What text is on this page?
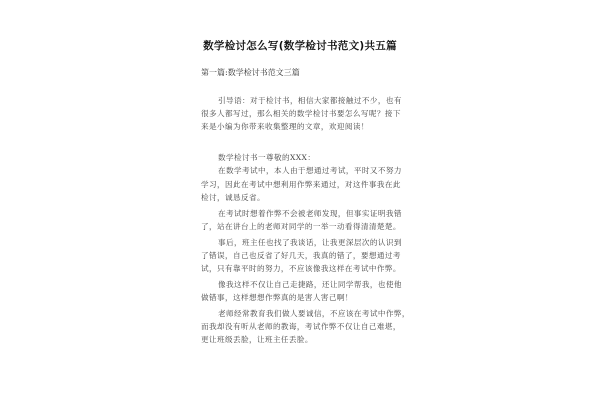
数学检讨怎么写(数学检讨书范文)共五篇
第一篇:数学检讨书范文三篇
引导语：对于检讨书，相信大家都接触过不少，也有
很多人都写过，那么相关的数学检讨书要怎么写呢？接下
来是小编为你带来收集整理的文章，欢迎阅读！
数学检讨书一尊敬的XXX：
在数学考试中，本人由于想通过考试，平时又不努力
学习，因此在考试中想利用作弊来通过，对这件事我在此
检讨，诚恳反省。
在考试时想着作弊不会被老师发现，但事实证明我错
了，站在讲台上的老师对同学的一举一动看得清清楚楚。
事后，班主任也找了我谈话，让我更深层次的认识到
了错误，自己也反省了好几天，我真的错了，要想通过考
试，只有靠平时的努力，不应该像我这样在考试中作弊。
像我这样不仅让自己走捷路，还让同学帮我，也使他
做错事，这样想想作弊真的是害人害己啊！
老师经常教育我们做人要诚信，不应该在考试中作弊，
而我却没有听从老师的教诲，考试作弊不仅让自己难堪，
更让班级丢脸，让班主任丢脸。
